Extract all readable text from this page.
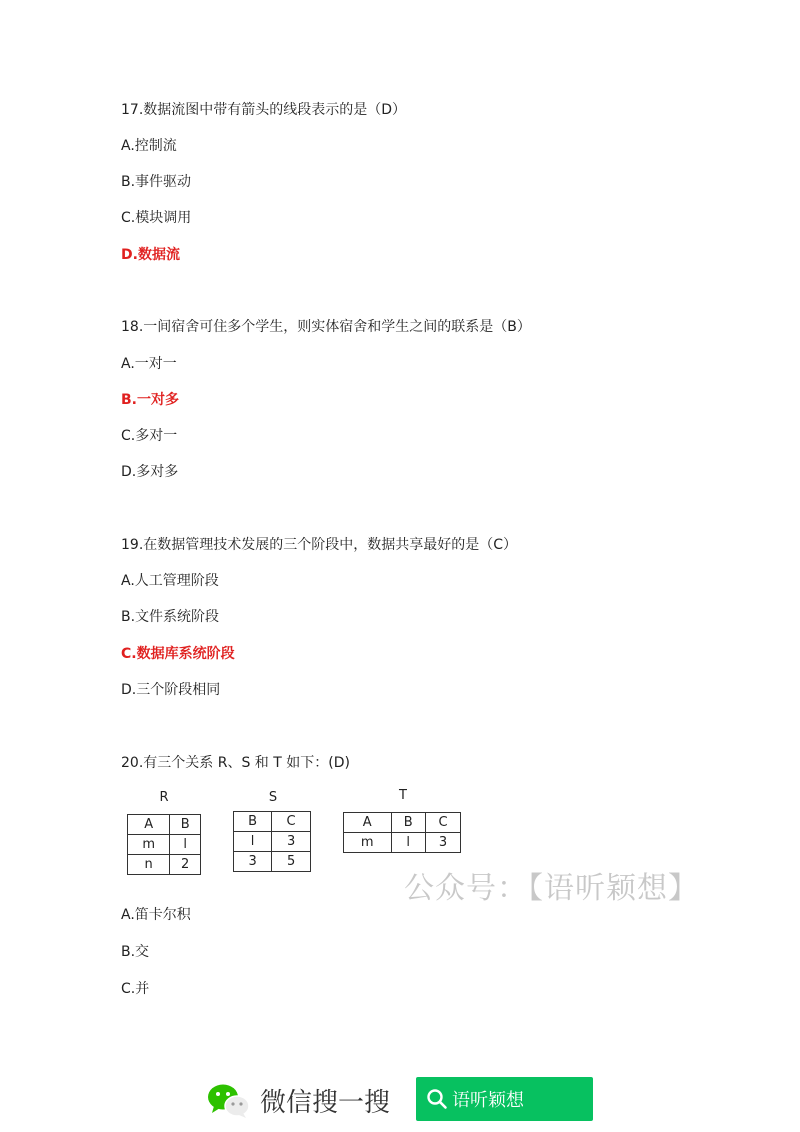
17.数据流图中带有箭头的线段表示的是（D）
A.控制流
B.事件驱动
C.模块调用
D.数据流
18.一间宿舍可住多个学生，则实体宿舍和学生之间的联系是（B）
A.一对一
B.一对多
C.多对一
D.多对多
19.在数据管理技术发展的三个阶段中，数据共享最好的是（C）
A.人工管理阶段
B.文件系统阶段
C.数据库系统阶段
D.三个阶段相同
20.有三个关系 R、S 和 T 如下：(D)
R
A	B
m	l
n	2
S
B	C
l	3
3	5
T
A	B	C
m	l	3
公众号：【语听颖想】
A.笛卡尔积
B.交
C.并
微信搜一搜	语听颖想
